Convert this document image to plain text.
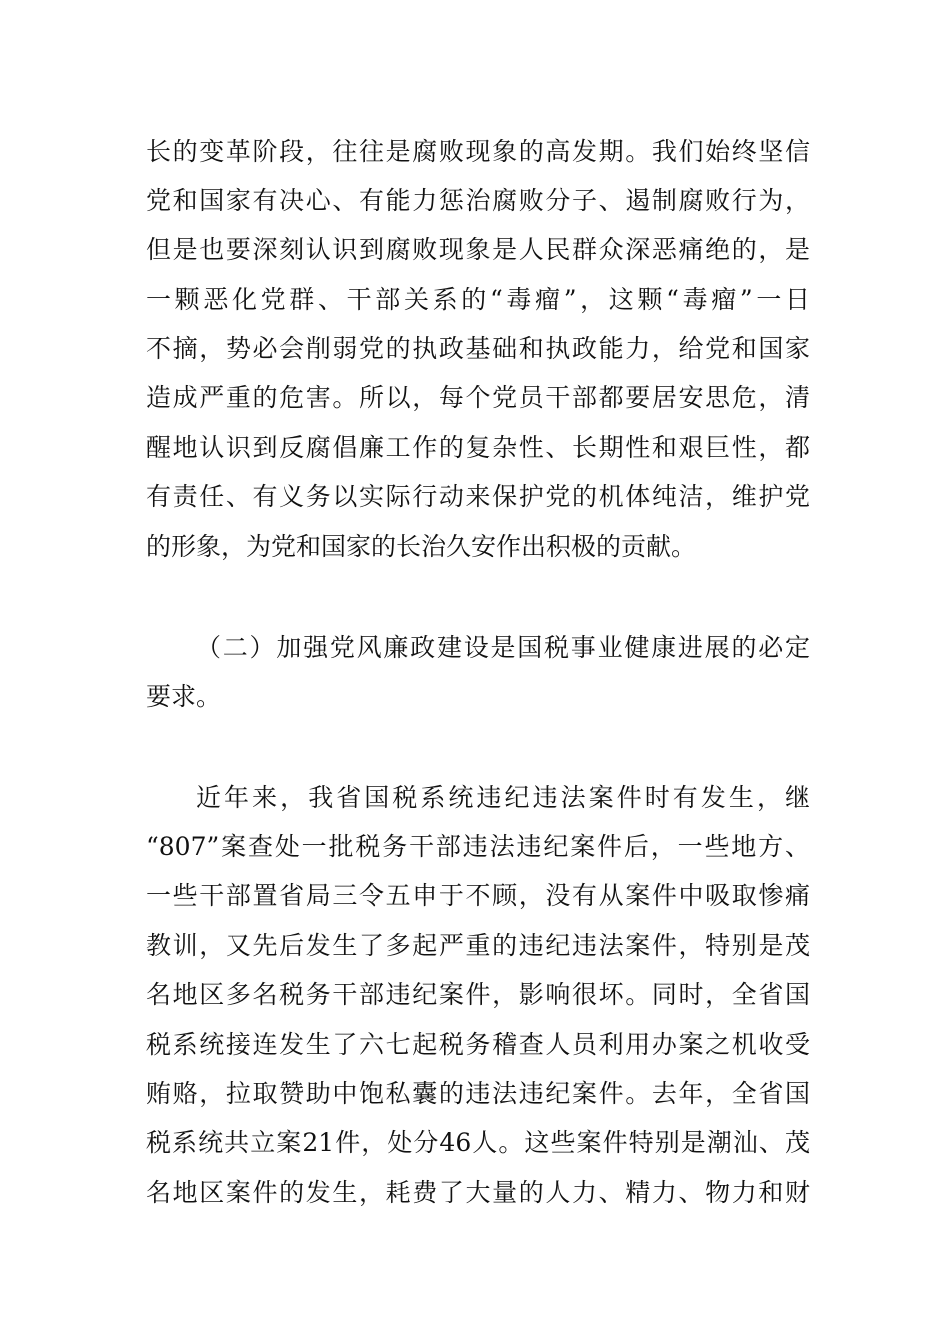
长的变革阶段，往往是腐败现象的高发期。我们始终坚信
党和国家有决心、有能力惩治腐败分子、遏制腐败行为，
但是也要深刻认识到腐败现象是人民群众深恶痛绝的，是
一颗恶化党群、干部关系的“毒瘤”，这颗“毒瘤”一日
不摘，势必会削弱党的执政基础和执政能力，给党和国家
造成严重的危害。所以，每个党员干部都要居安思危，清
醒地认识到反腐倡廉工作的复杂性、长期性和艰巨性，都
有责任、有义务以实际行动来保护党的机体纯洁，维护党
的形象，为党和国家的长治久安作出积极的贡献。
（二）加强党风廉政建设是国税事业健康进展的必定
要求。
近年来，我省国税系统违纪违法案件时有发生，继
“807”案查处一批税务干部违法违纪案件后，一些地方、
一些干部置省局三令五申于不顾，没有从案件中吸取惨痛
教训，又先后发生了多起严重的违纪违法案件，特别是茂
名地区多名税务干部违纪案件，影响很坏。同时，全省国
税系统接连发生了六七起税务稽查人员利用办案之机收受
贿赂，拉取赞助中饱私囊的违法违纪案件。去年，全省国
税系统共立案21件，处分46人。这些案件特别是潮汕、茂
名地区案件的发生，耗费了大量的人力、精力、物力和财
